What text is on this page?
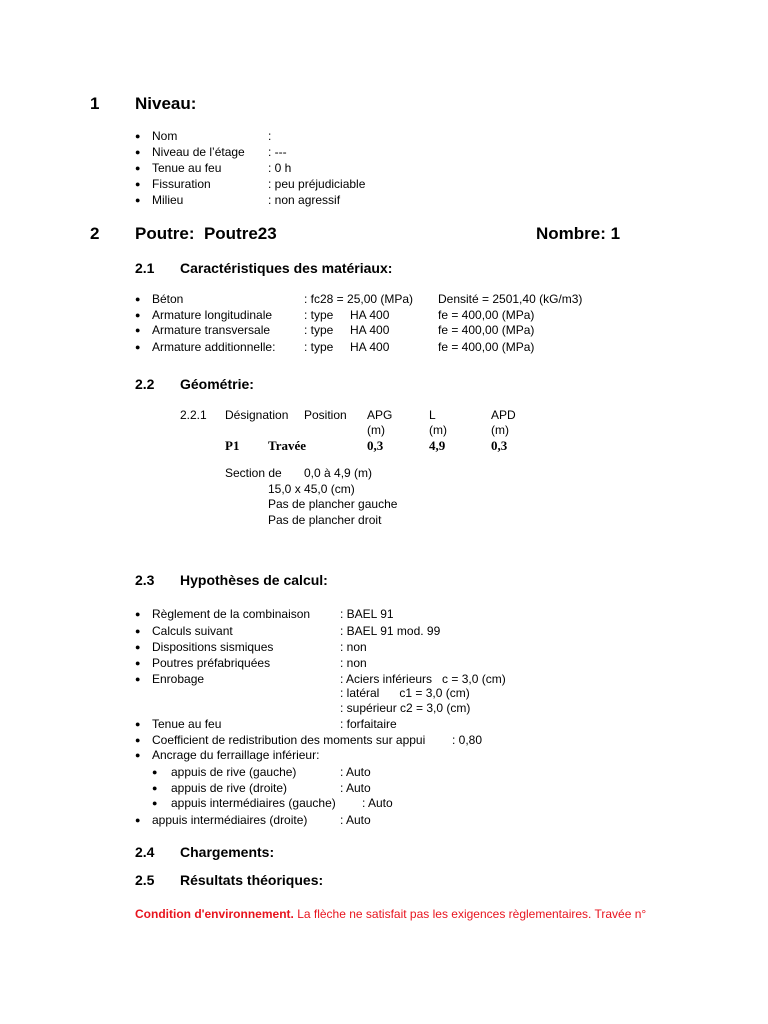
1 Niveau:
● Nom	:
● Niveau de l’étage : ---
● Tenue au feu	: 0 h
● Fissuration	: peu préjudiciable
● Milieu	: non agressif
2 Poutre:  Poutre23	Nombre: 1
2.1 Caractéristiques des matériaux:
● Béton	: fc28 = 25,00 (MPa) Densité = 2501,40 (kG/m3)
● Armature longitudinale	: type     HA 400	fe = 400,00 (MPa)
● Armature transversale	: type     HA 400	fe = 400,00 (MPa)
● Armature additionnelle: : type     HA 400	fe = 400,00 (MPa)
2.2 Géométrie:
2.2.1 Désignation Position APG	L	APD
(m)	(m)	(m)
P1 Travée	0,3	4,9	0,3
Section de 0,0 à 4,9 (m)
15,0 x 45,0 (cm)
Pas de plancher gauche
Pas de plancher droit
2.3 Hypothèses de calcul:
● Règlement de la combinaison : BAEL 91
● Calculs suivant	: BAEL 91 mod. 99
● Dispositions sismiques	: non
● Poutres préfabriquées	: non
● Enrobage	: Aciers inférieurs   c = 3,0 (cm)
: latéral      c1 = 3,0 (cm)
: supérieur c2 = 3,0 (cm)
● Tenue au feu	: forfaitaire
● Coefficient de redistribution des moments sur appui : 0,80
● Ancrage du ferraillage inférieur:
● appuis de rive (gauche)	: Auto
● appuis de rive (droite)	: Auto
● appuis intermédiaires (gauche) : Auto
● appuis intermédiaires (droite)	: Auto
2.4 Chargements:
2.5 Résultats théoriques:
Condition d'environnement. La flèche ne satisfait pas les exigences règlementaires. Travée n°
